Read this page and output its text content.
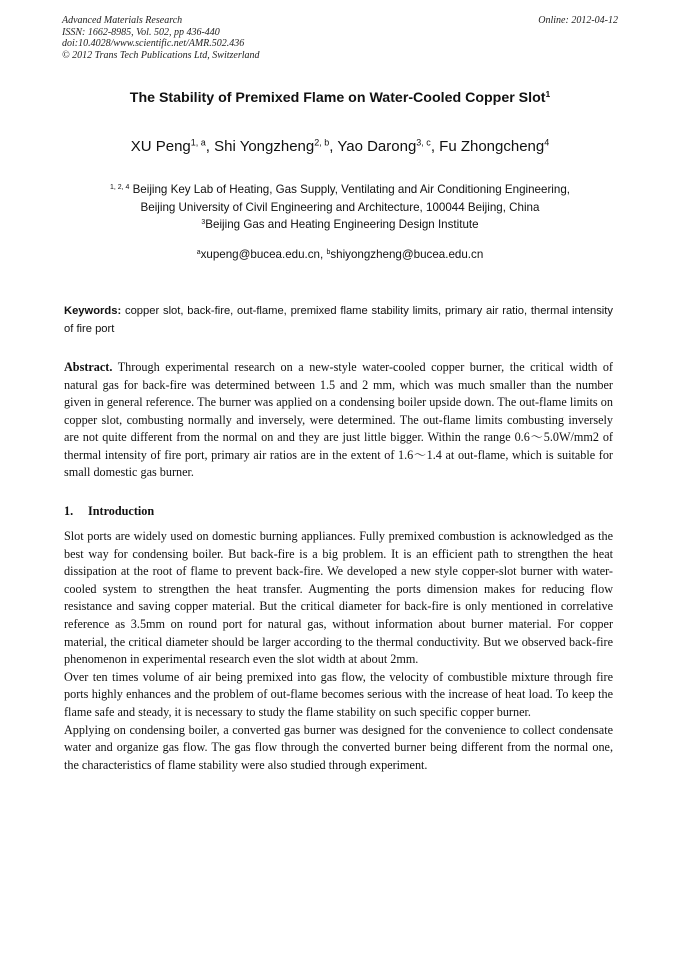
Advanced Materials Research
ISSN: 1662-8985, Vol. 502, pp 436-440
doi:10.4028/www.scientific.net/AMR.502.436
© 2012 Trans Tech Publications Ltd, Switzerland
Online: 2012-04-12
The Stability of Premixed Flame on Water-Cooled Copper Slot$^1$
XU Peng$^{1, a}$, Shi Yongzheng$^{2, b}$, Yao Darong$^{3, c}$, Fu Zhongcheng$^4$
$^{1, 2, 4}$ Beijing Key Lab of Heating, Gas Supply, Ventilating and Air Conditioning Engineering,
Beijing University of Civil Engineering and Architecture, 100044 Beijing, China
$^3$Beijing Gas and Heating Engineering Design Institute
$^a$xupeng@bucea.edu.cn, $^b$shiyongzheng@bucea.edu.cn
Keywords: copper slot, back-fire, out-flame, premixed flame stability limits, primary air ratio, thermal intensity of fire port
Abstract. Through experimental research on a new-style water-cooled copper burner, the critical width of natural gas for back-fire was determined between 1.5 and 2 mm, which was much smaller than the number given in general reference. The burner was applied on a condensing boiler upside down. The out-flame limits on copper slot, combusting normally and inversely, were determined. The out-flame limits combusting inversely are not quite different from the normal on and they are just little bigger. Within the range 0.6～5.0W/mm2 of thermal intensity of fire port, primary air ratios are in the extent of 1.6～1.4 at out-flame, which is suitable for small domestic gas burner.
1. Introduction

Slot ports are widely used on domestic burning appliances. Fully premixed combustion is acknowledged as the best way for condensing boiler. But back-fire is a big problem. It is an efficient path to strengthen the heat dissipation at the root of flame to prevent back-fire. We developed a new style copper-slot burner with water-cooled system to strengthen the heat transfer. Augmenting the ports dimension makes for reducing flow resistance and saving copper material. But the critical diameter for back-fire is only mentioned in correlative reference as 3.5mm on round port for natural gas, without information about burner material. For copper material, the critical diameter should be larger according to the thermal conductivity. But we observed back-fire phenomenon in experimental research even the slot width at about 2mm.

Over ten times volume of air being premixed into gas flow, the velocity of combustible mixture through fire ports highly enhances and the problem of out-flame becomes serious with the increase of heat load. To keep the flame safe and steady, it is necessary to study the flame stability on such specific copper burner.

Applying on condensing boiler, a converted gas burner was designed for the convenience to collect condensate water and organize gas flow. The gas flow through the converted burner being different from the normal one, the characteristics of flame stability were also studied through experiment.
